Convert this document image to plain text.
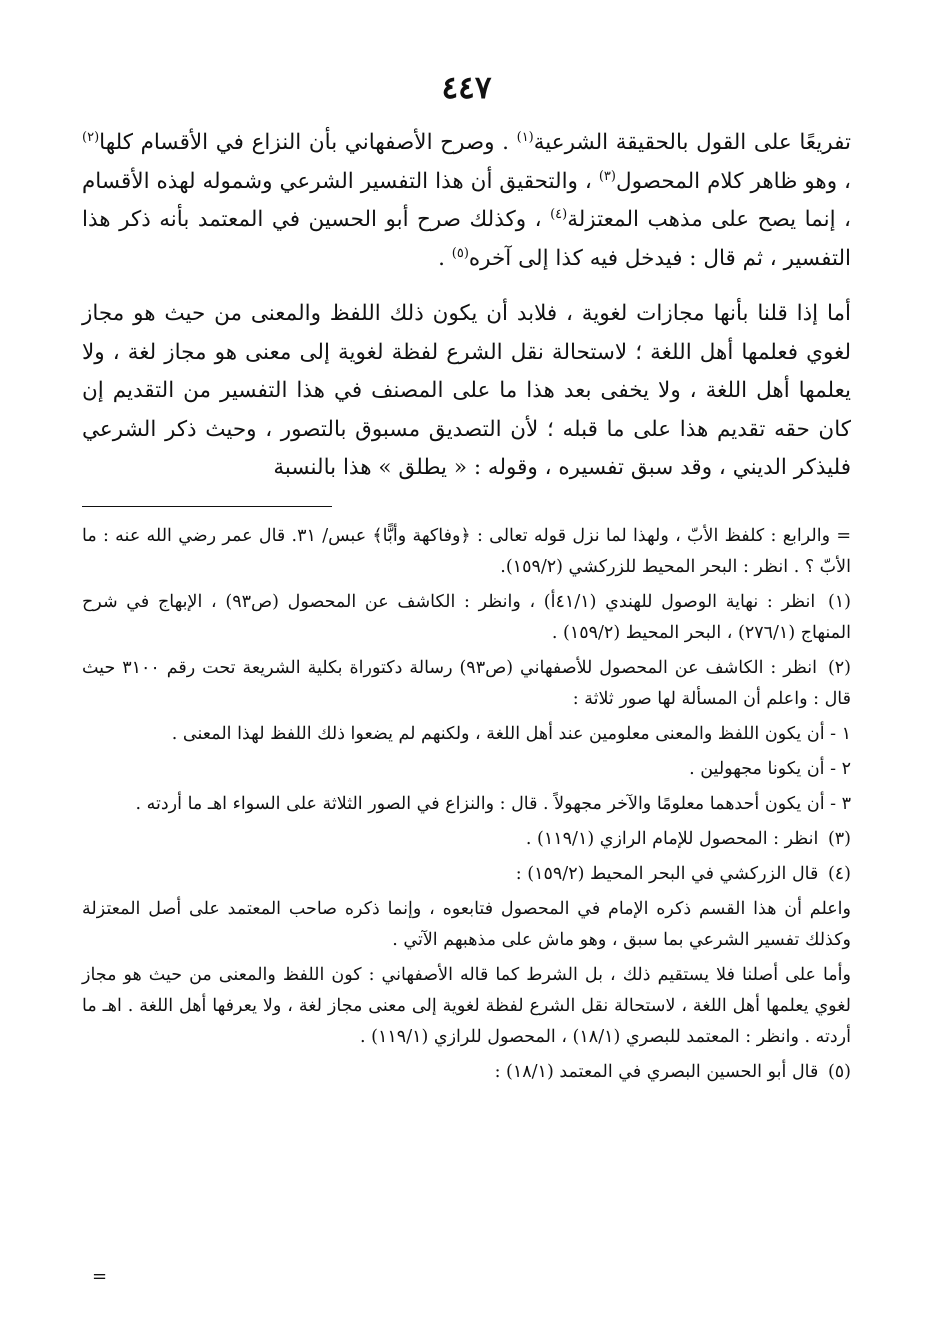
٤٤٧

تفريعًا على القول بالحقيقة الشرعية$^{(١)}$ . وصرح الأصفهاني بأن النزاع في الأقسام كلها$^{(٢)}$ ، وهو ظاهر كلام المحصول$^{(٣)}$ ، والتحقيق أن هذا التفسير الشرعي وشموله لهذه الأقسام ، إنما يصح على مذهب المعتزلة$^{(٤)}$ ، وكذلك صرح أبو الحسين في المعتمد بأنه ذكر هذا التفسير ، ثم قال : فيدخل فيه كذا إلى آخره$^{(٥)}$ .

أما إذا قلنا بأنها مجازات لغوية ، فلابد أن يكون ذلك اللفظ والمعنى من حيث هو مجاز لغوي فعلمها أهل اللغة ؛ لاستحالة نقل الشرع لفظة لغوية إلى معنى هو مجاز لغة ، ولا يعلمها أهل اللغة ، ولا يخفى بعد هذا ما على المصنف في هذا التفسير من التقديم إن كان حقه تقديم هذا على ما قبله ؛ لأن التصديق مسبوق بالتصور ، وحيث ذكر الشرعي فليذكر الديني ، وقد سبق تفسيره ، وقوله : « يطلق » هذا بالنسبة

= والرابع : كلفظ الأبّ ، ولهذا لما نزل قوله تعالى : ﴿وفاكهة وأبًّا﴾ عبس/ ٣١. قال عمر رضي الله عنه : ما الأبّ ؟ . انظر : البحر المحيط للزركشي (١٥٩/٢).
(١) انظر : نهاية الوصول للهندي (٤١/١أ) ، وانظر : الكاشف عن المحصول (ص٩٣) ، الإبهاج في شرح المنهاج (٢٧٦/١) ، البحر المحيط (١٥٩/٢) .
(٢) انظر : الكاشف عن المحصول للأصفهاني (ص٩٣) رسالة دكتوراة بكلية الشريعة تحت رقم ٣١٠٠ حيث قال : واعلم أن المسألة لها صور ثلاثة :
١ - أن يكون اللفظ والمعنى معلومين عند أهل اللغة ، ولكنهم لم يضعوا ذلك اللفظ لهذا المعنى .
٢ - أن يكونا مجهولين .
٣ - أن يكون أحدهما معلومًا والآخر مجهولاً . قال : والنزاع في الصور الثلاثة على السواء اهـ ما أردته .
(٣) انظر : المحصول للإمام الرازي (١١٩/١) .
(٤) قال الزركشي في البحر المحيط (١٥٩/٢) :
واعلم أن هذا القسم ذكره الإمام في المحصول فتابعوه ، وإنما ذكره صاحب المعتمد على أصل المعتزلة وكذلك تفسير الشرعي بما سبق ، وهو ماش على مذهبهم الآتي .
وأما على أصلنا فلا يستقيم ذلك ، بل الشرط كما قاله الأصفهاني : كون اللفظ والمعنى من حيث هو مجاز لغوي يعلمها أهل اللغة ، لاستحالة نقل الشرع لفظة لغوية إلى معنى مجاز لغة ، ولا يعرفها أهل اللغة . اهـ ما أردته . وانظر : المعتمد للبصري (١٨/١) ، المحصول للرازي (١١٩/١) .
(٥) قال أبو الحسين البصري في المعتمد (١٨/١) :
=
